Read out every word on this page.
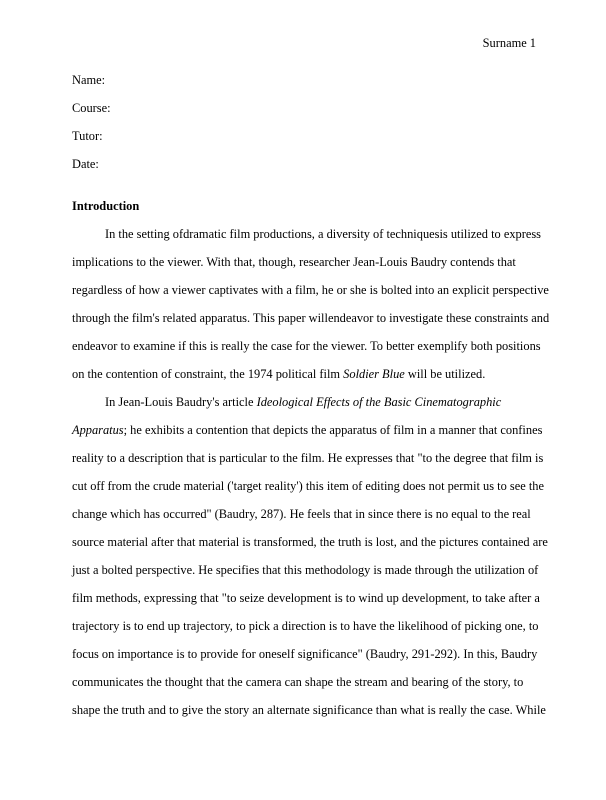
Surname 1
Name:
Course:
Tutor:
Date:
Introduction
In the setting ofdramatic film productions, a diversity of techniquesis utilized to express
implications to the viewer. With that, though, researcher Jean-Louis Baudry contends that
regardless of how a viewer captivates with a film, he or she is bolted into an explicit perspective
through the film's related apparatus. This paper willendeavor to investigate these constraints and
endeavor to examine if this is really the case for the viewer. To better exemplify both positions
on the contention of constraint, the 1974 political film Soldier Blue will be utilized.
In Jean-Louis Baudry's article Ideological Effects of the Basic Cinematographic
Apparatus; he exhibits a contention that depicts the apparatus of film in a manner that confines
reality to a description that is particular to the film. He expresses that "to the degree that film is
cut off from the crude material ('target reality') this item of editing does not permit us to see the
change which has occurred" (Baudry, 287). He feels that in since there is no equal to the real
source material after that material is transformed, the truth is lost, and the pictures contained are
just a bolted perspective. He specifies that this methodology is made through the utilization of
film methods, expressing that "to seize development is to wind up development, to take after a
trajectory is to end up trajectory, to pick a direction is to have the likelihood of picking one, to
focus on importance is to provide for oneself significance" (Baudry, 291-292). In this, Baudry
communicates the thought that the camera can shape the stream and bearing of the story, to
shape the truth and to give the story an alternate significance than what is really the case. While
